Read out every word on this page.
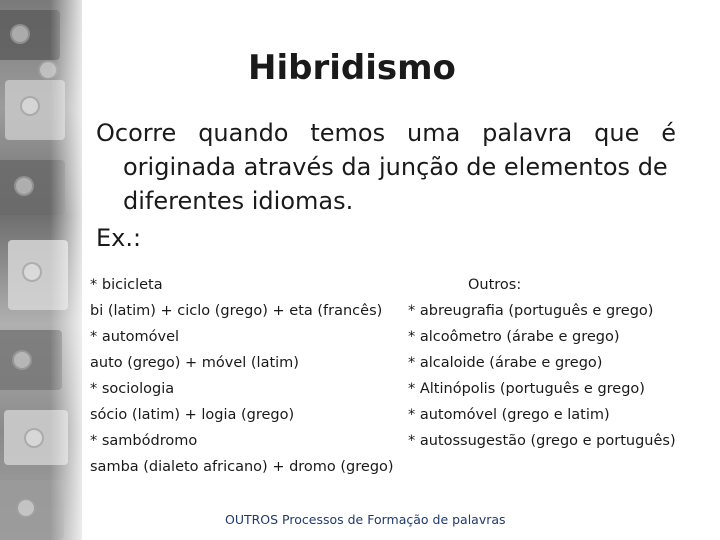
Hibridismo

Ocorre quando temos uma palavra que é
originada através da junção de elementos de diferentes idiomas.

Ex.:

* bicicleta
bi (latim) + ciclo (grego) + eta (francês)
* automóvel
auto (grego) + móvel (latim)
* sociologia
sócio (latim) + logia (grego)
* sambódromo
samba (dialeto africano) + dromo (grego)

Outros:

* abreugrafia (português e grego)
* alcoômetro (árabe e grego)
* alcaloide (árabe e grego)
* Altinópolis (português e grego)
* automóvel (grego e latim)
* autossugestão (grego e português)

OUTROS Processos de Formação de palavras
